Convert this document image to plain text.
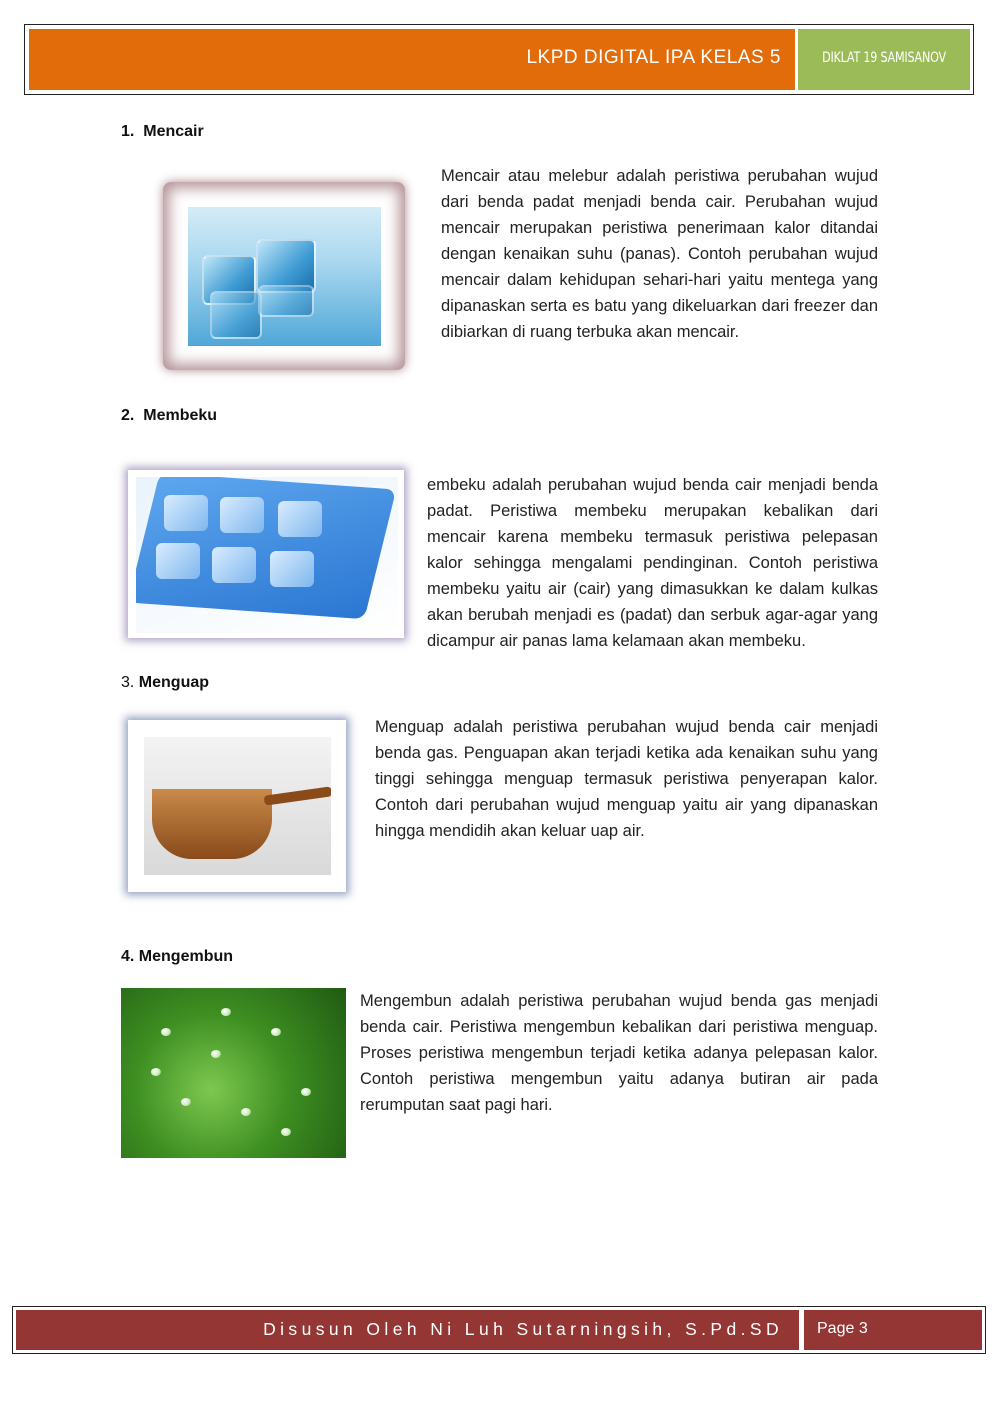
LKPD DIGITAL IPA KELAS 5	DIKLAT 19 SAMISANOV
1. Mencair
Mencair atau melebur adalah peristiwa perubahan wujud dari benda padat menjadi benda cair. Perubahan wujud mencair merupakan peristiwa penerimaan kalor ditandai dengan kenaikan suhu (panas). Contoh perubahan wujud mencair dalam kehidupan sehari-hari yaitu mentega yang dipanaskan serta es batu yang dikeluarkan dari freezer dan dibiarkan di ruang terbuka akan mencair.
2. Membeku
embeku adalah perubahan wujud benda cair menjadi benda padat. Peristiwa membeku merupakan kebalikan dari mencair karena membeku termasuk peristiwa pelepasan kalor sehingga mengalami pendinginan. Contoh peristiwa membeku yaitu air (cair) yang dimasukkan ke dalam kulkas akan berubah menjadi es (padat) dan serbuk agar-agar yang dicampur air panas lama kelamaan akan membeku.
3. Menguap
Menguap adalah peristiwa perubahan wujud benda cair menjadi benda gas. Penguapan akan terjadi ketika ada kenaikan suhu yang tinggi sehingga menguap termasuk peristiwa penyerapan kalor. Contoh dari perubahan wujud menguap yaitu air yang dipanaskan hingga mendidih akan keluar uap air.
4. Mengembun
Mengembun adalah peristiwa perubahan wujud benda gas menjadi benda cair. Peristiwa mengembun kebalikan dari peristiwa menguap. Proses peristiwa mengembun terjadi ketika adanya pelepasan kalor. Contoh peristiwa mengembun yaitu adanya butiran air pada rerumputan saat pagi hari.
Disusun Oleh Ni Luh Sutarningsih, S.Pd.SD	Page 3
